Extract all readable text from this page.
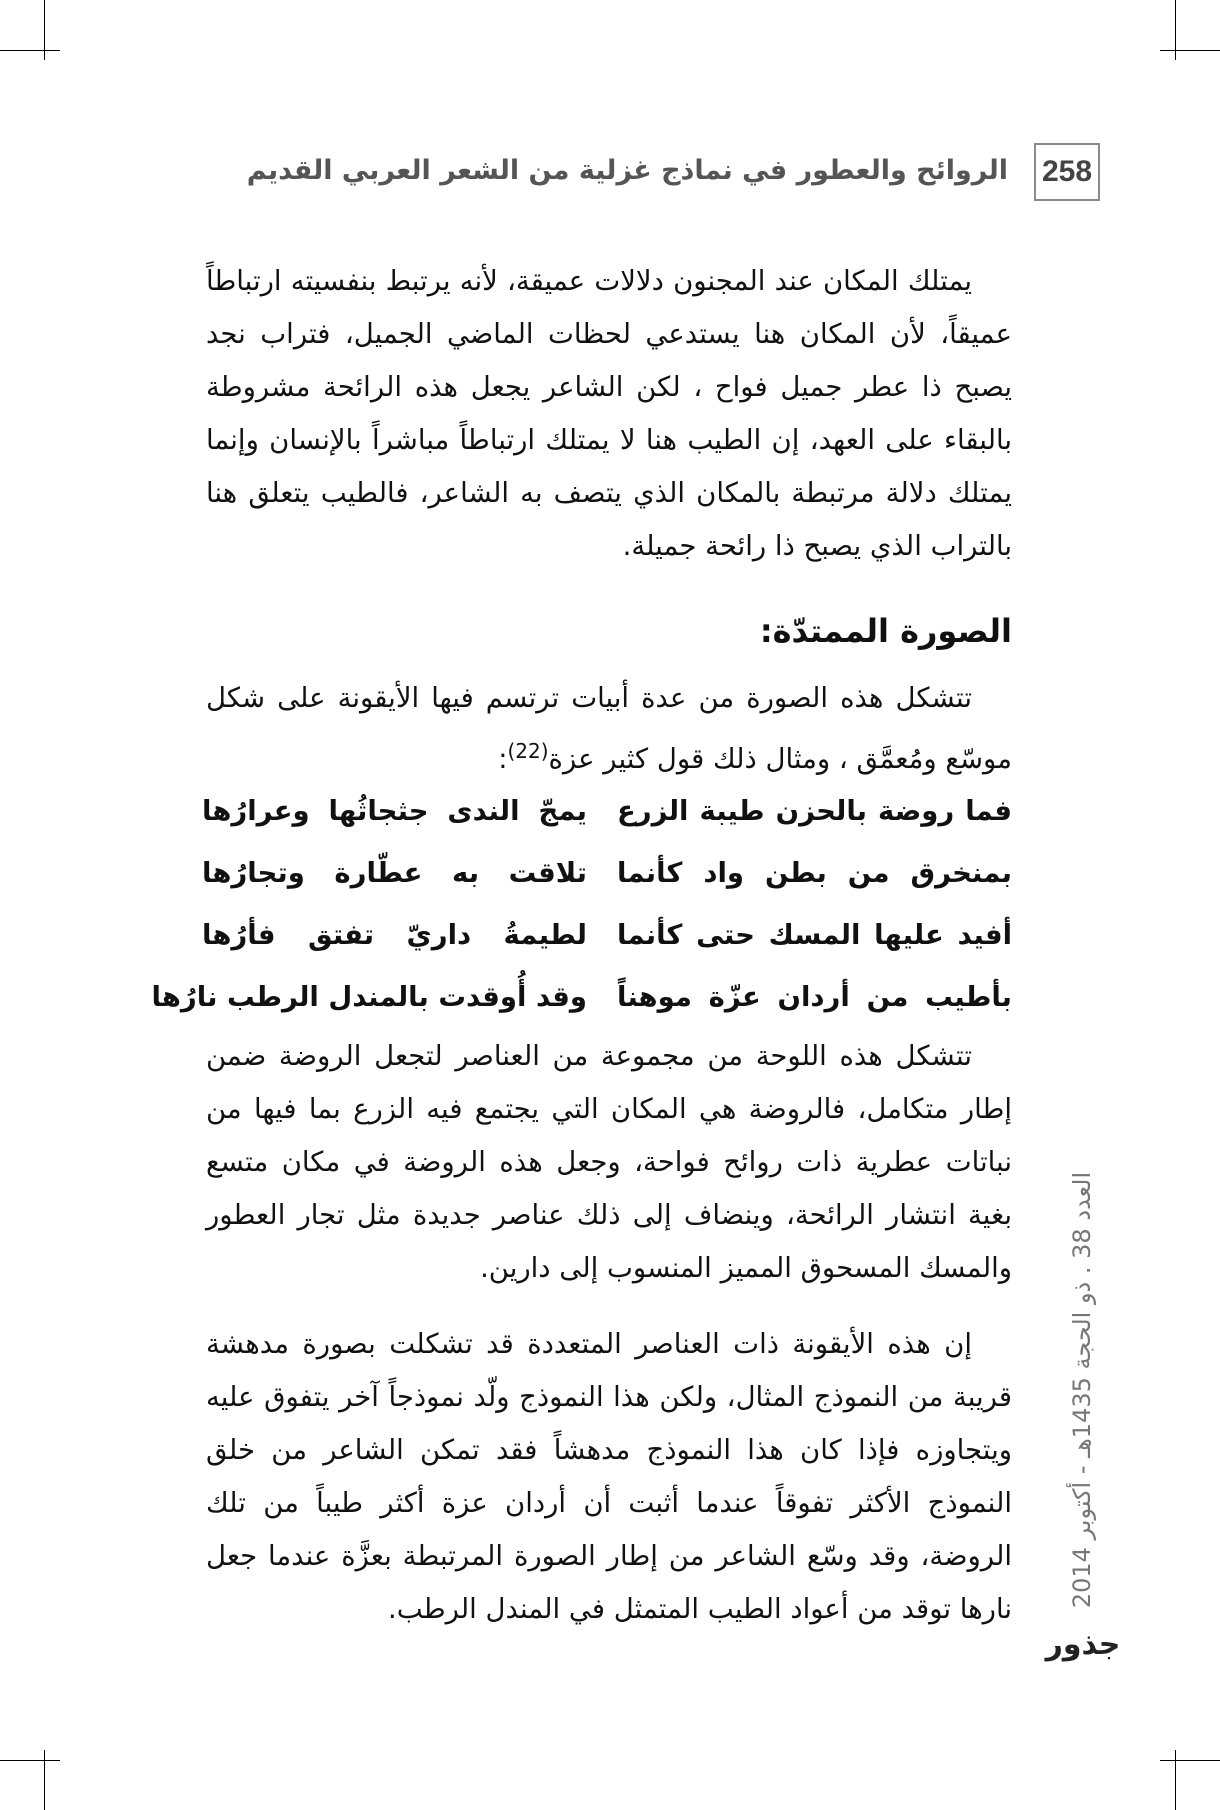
258
الروائح والعطور في نماذج غزلية من الشعر العربي القديم

يمتلك المكان عند المجنون دلالات عميقة، لأنه يرتبط بنفسيته ارتباطاً عميقاً، لأن المكان هنا يستدعي لحظات الماضي الجميل، فتراب نجد يصبح ذا عطر جميل فواح ، لكن الشاعر يجعل هذه الرائحة مشروطة بالبقاء على العهد، إن الطيب هنا لا يمتلك ارتباطاً مباشراً بالإنسان وإنما يمتلك دلالة مرتبطة بالمكان الذي يتصف به الشاعر، فالطيب يتعلق هنا بالتراب الذي يصبح ذا رائحة جميلة.

الصورة الممتدّة:

تتشكل هذه الصورة من عدة أبيات ترتسم فيها الأيقونة على شكل موسّع ومُعمَّق ، ومثال ذلك قول كثير عزة$^{(22)}$:

فما روضة بالحزن طيبة الزرع
يمجّ الندى جثجاثُها وعرارُها
بمنخرق من بطن واد كأنما
تلاقت به عطّارة وتجارُها
أفيد عليها المسك حتى كأنما
لطيمةُ داريّ تفتق فأرُها
بأطيب من أردان عزّة موهناً
وقد أُوقدت بالمندل الرطب نارُها

تتشكل هذه اللوحة من مجموعة من العناصر لتجعل الروضة ضمن إطار متكامل، فالروضة هي المكان التي يجتمع فيه الزرع بما فيها من نباتات عطرية ذات روائح فواحة، وجعل هذه الروضة في مكان متسع بغية انتشار الرائحة، وينضاف إلى ذلك عناصر جديدة مثل تجار العطور والمسك المسحوق المميز المنسوب إلى دارين.

إن هذه الأيقونة ذات العناصر المتعددة قد تشكلت بصورة مدهشة قريبة من النموذج المثال، ولكن هذا النموذج ولّد نموذجاً آخر يتفوق عليه ويتجاوزه فإذا كان هذا النموذج مدهشاً فقد تمكن الشاعر من خلق النموذج الأكثر تفوقاً عندما أثبت أن أردان عزة أكثر طيباً من تلك الروضة، وقد وسّع الشاعر من إطار الصورة المرتبطة بعزَّة عندما جعل نارها توقد من أعواد الطيب المتمثل في المندل الرطب.

العدد 38 . ذو الحجة 1435هـ - أكتوبر 2014
جذور
